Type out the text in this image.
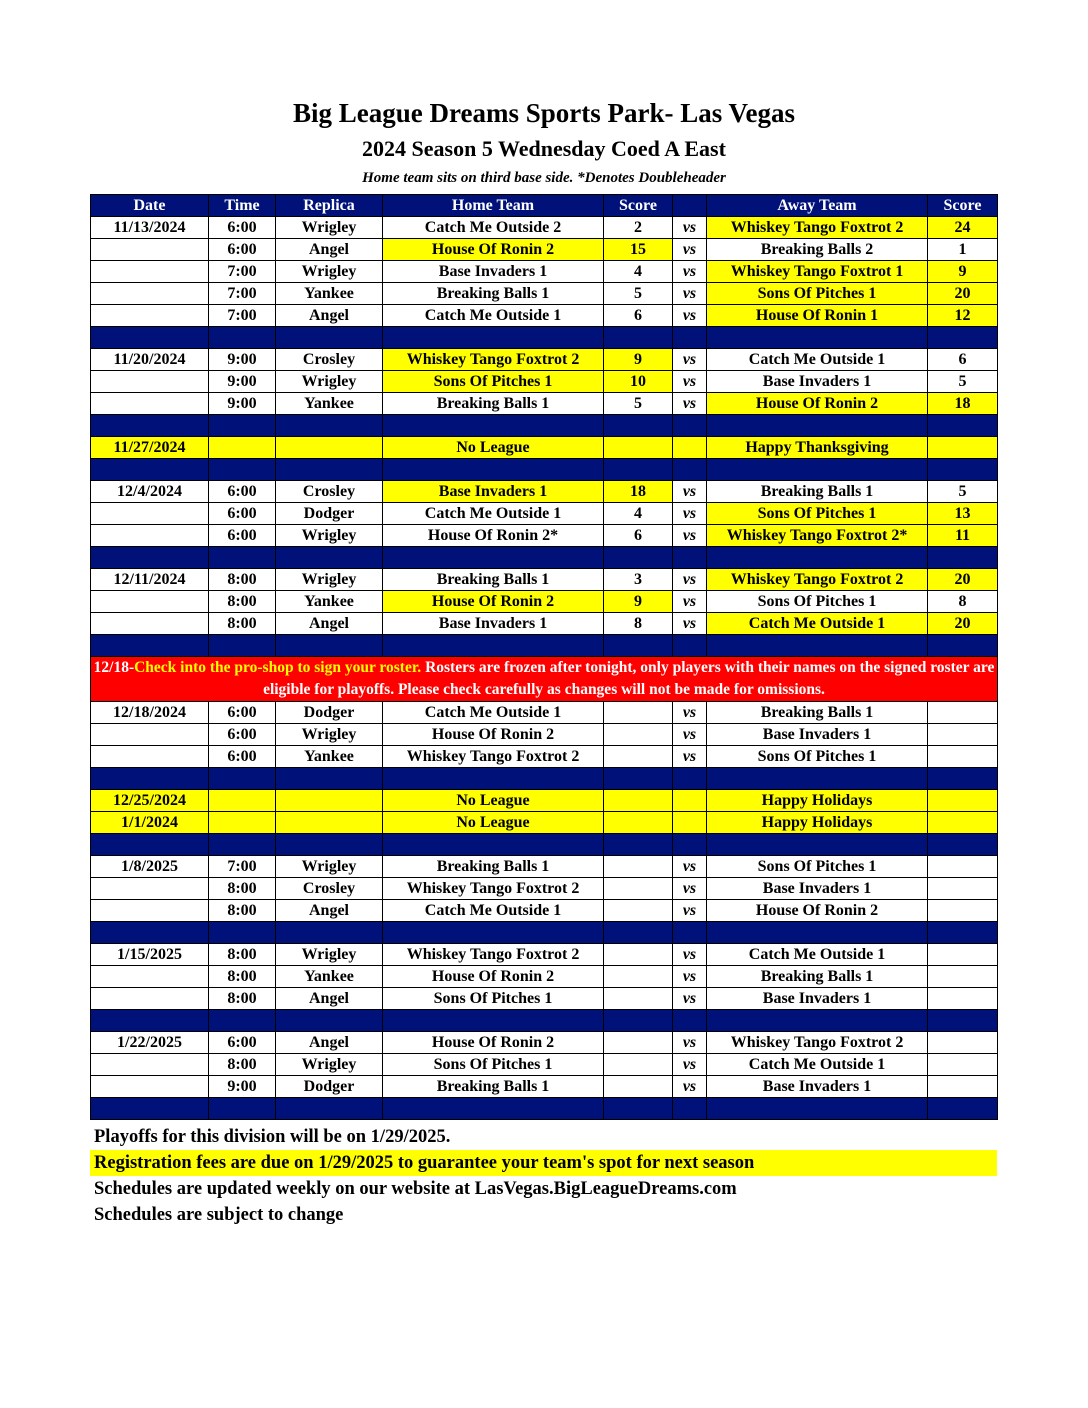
Big League Dreams Sports Park- Las Vegas
2024 Season 5 Wednesday Coed A East
Home team sits on third base side. *Denotes Doubleheader
Date	Time	Replica	Home Team	Score		Away Team	Score
11/13/2024	6:00	Wrigley	Catch Me Outside 2	2	vs	Whiskey Tango Foxtrot 2	24
	6:00	Angel	House Of Ronin 2	15	vs	Breaking Balls 2	1
	7:00	Wrigley	Base Invaders 1	4	vs	Whiskey Tango Foxtrot 1	9
	7:00	Yankee	Breaking Balls 1	5	vs	Sons Of Pitches 1	20
	7:00	Angel	Catch Me Outside 1	6	vs	House Of Ronin 1	12

11/20/2024	9:00	Crosley	Whiskey Tango Foxtrot 2	9	vs	Catch Me Outside 1	6
	9:00	Wrigley	Sons Of Pitches 1	10	vs	Base Invaders 1	5
	9:00	Yankee	Breaking Balls 1	5	vs	House Of Ronin 2	18

11/27/2024			No League			Happy Thanksgiving	

12/4/2024	6:00	Crosley	Base Invaders 1	18	vs	Breaking Balls 1	5
	6:00	Dodger	Catch Me Outside 1	4	vs	Sons Of Pitches 1	13
	6:00	Wrigley	House Of Ronin 2*	6	vs	Whiskey Tango Foxtrot 2*	11

12/11/2024	8:00	Wrigley	Breaking Balls 1	3	vs	Whiskey Tango Foxtrot 2	20
	8:00	Yankee	House Of Ronin 2	9	vs	Sons Of Pitches 1	8
	8:00	Angel	Base Invaders 1	8	vs	Catch Me Outside 1	20

12/18-Check into the pro-shop to sign your roster. Rosters are frozen after tonight, only players with their names on the signed roster are eligible for playoffs. Please check carefully as changes will not be made for omissions.							
12/18/2024	6:00	Dodger	Catch Me Outside 1		vs	Breaking Balls 1	
	6:00	Wrigley	House Of Ronin 2		vs	Base Invaders 1	
	6:00	Yankee	Whiskey Tango Foxtrot 2		vs	Sons Of Pitches 1	

12/25/2024			No League			Happy Holidays	
1/1/2024			No League			Happy Holidays	

1/8/2025	7:00	Wrigley	Breaking Balls 1		vs	Sons Of Pitches 1	
	8:00	Crosley	Whiskey Tango Foxtrot 2		vs	Base Invaders 1	
	8:00	Angel	Catch Me Outside 1		vs	House Of Ronin 2	

1/15/2025	8:00	Wrigley	Whiskey Tango Foxtrot 2		vs	Catch Me Outside 1	
	8:00	Yankee	House Of Ronin 2		vs	Breaking Balls 1	
	8:00	Angel	Sons Of Pitches 1		vs	Base Invaders 1	

1/22/2025	6:00	Angel	House Of Ronin 2		vs	Whiskey Tango Foxtrot 2	
	8:00	Wrigley	Sons Of Pitches 1		vs	Catch Me Outside 1	
	9:00	Dodger	Breaking Balls 1		vs	Base Invaders 1	

Playoffs for this division will be on 1/29/2025.
Registration fees are due on 1/29/2025 to guarantee your team's spot for next season
Schedules are updated weekly on our website at LasVegas.BigLeagueDreams.com
Schedules are subject to change
